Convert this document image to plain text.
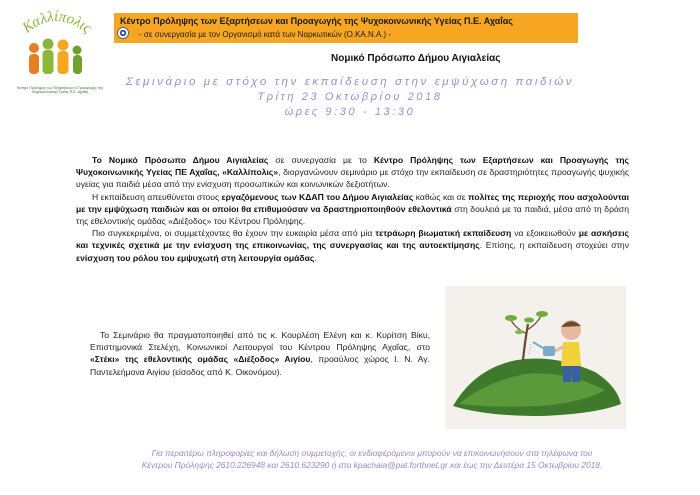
Καλλίπολις
Κέντρο Πρόληψης των Εξαρτήσεων & Προαγωγής της Ψυχοκοινωνικής Υγείας Π.Ε. Αχαΐας
Κέντρο Πρόληψης των Εξαρτήσεων και Προαγωγής της Ψυχοκοινωνικής Υγείας Π.Ε. Αχαΐας
- σε συνεργασία με τον Οργανισμό κατά των Ναρκωτικών (Ο.ΚΑ.Ν.Α.) -
Νομικό Πρόσωπο Δήμου Αιγιαλείας
Σεμινάριο με στόχο την εκπαίδευση στην εμψύχωση παιδιών
Τρίτη 23 Οκτωβρίου 2018
ώρες 9:30 - 13:30

Το Νομικό Πρόσωπο Δήμου Αιγιαλείας σε συνεργασία με το Κέντρο Πρόληψης των Εξαρτήσεων και Προαγωγής της Ψυχοκοινωνικής Υγείας ΠΕ Αχαΐας, «Καλλίπολις», διοργανώνουν σεμινάριο με στόχο την εκπαίδευση σε δραστηριότητες προαγωγής ψυχικής υγείας για παιδιά μέσα από την ενίσχυση προσωπικών και κοινωνικών δεξιοτήτων.

Η εκπαίδευση απευθύνεται στους εργαζόμενους των ΚΔΑΠ του Δήμου Αιγιαλείας καθώς και σε πολίτες της περιοχής που ασχολούνται με την εμψύχωση παιδιών και οι οποίοι θα επιθυμούσαν να δραστηριοποιηθούν εθελοντικά στη δουλειά με τα παιδιά, μέσα από τη δράση της εθελοντικής ομάδας «Διέξοδος» του Κέντρου Πρόληψης.

Πιο συγκεκριμένα, οι συμμετέχοντες θα έχουν την ευκαιρία μέσα από μία τετράωρη βιωματική εκπαίδευση να εξοικειωθούν με ασκήσεις και τεχνικές σχετικά με την ενίσχυση της επικοινωνίας, της συνεργασίας και της αυτοεκτίμησης. Επίσης, η εκπαίδευση στοχεύει στην ενίσχυση του ρόλου του εμψυχωτή στη λειτουργία ομάδας.

Το Σεμινάριο θα πραγματοποιηθεί από τις κ. Κουρλέση Ελένη και κ. Κυρίτση Βίκυ, Επιστημονικά Στελέχη, Κοινωνικοί Λειτουργοί του Κέντρου Πρόληψης Αχαΐας, στο «Στέκι» της εθελοντικής ομάδας «Διέξοδος» Αιγίου, προαύλιος χώρος Ι. Ν. Αγ. Παντελεήμονα Αιγίου (είσοδος από Κ. Οικονόμου).

Για περαιτέρω πληροφορίες και δήλωση συμμετοχής, οι ενδιαφερόμενοι μπορούν να επικοινωνήσουν στα τηλέφωνα του
Κέντρου Πρόληψης 2610.226948 και 2610.623290 ή στο kpachaia@pat.forthnet.gr και έως την Δευτέρα 15 Οκτωβρίου 2018.
